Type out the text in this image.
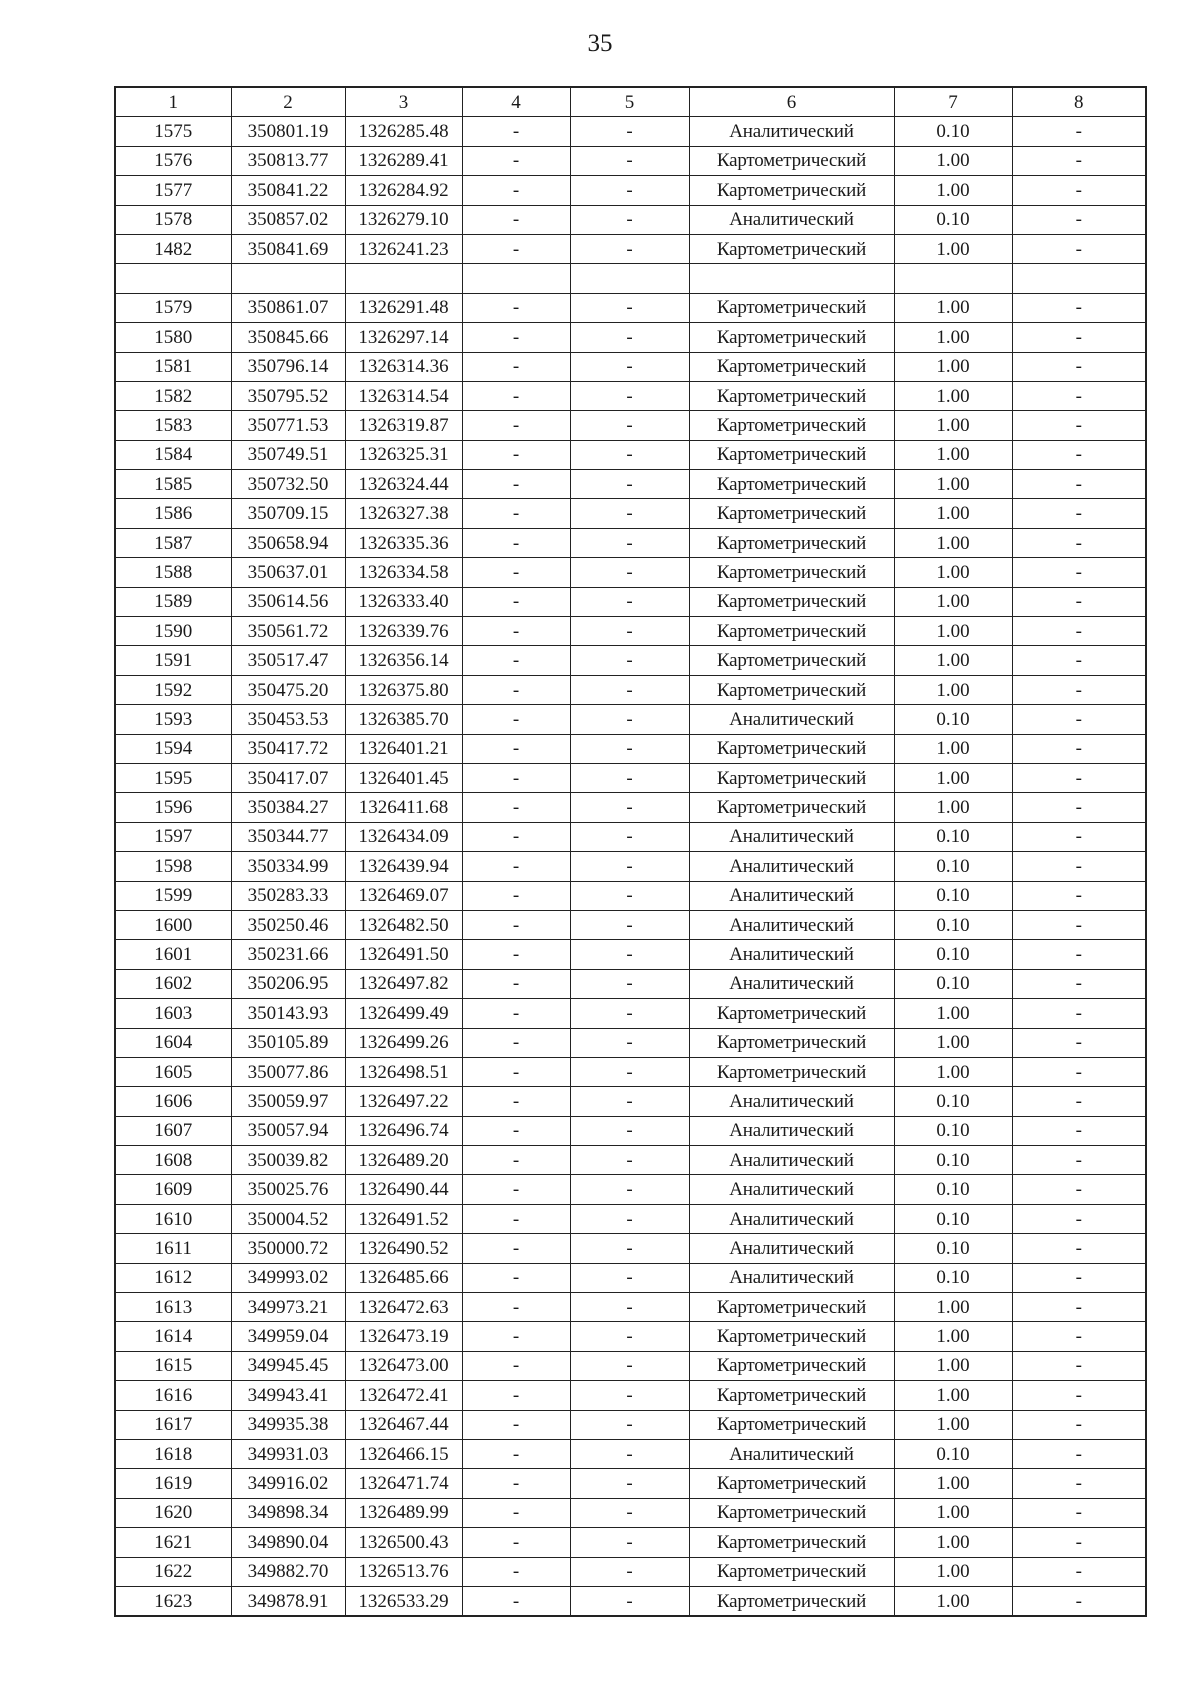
35
1	2	3	4	5	6	7	8
1575	350801.19	1326285.48	-	-	Аналитический	0.10	-
1576	350813.77	1326289.41	-	-	Картометрический	1.00	-
1577	350841.22	1326284.92	-	-	Картометрический	1.00	-
1578	350857.02	1326279.10	-	-	Аналитический	0.10	-
1482	350841.69	1326241.23	-	-	Картометрический	1.00	-

1579	350861.07	1326291.48	-	-	Картометрический	1.00	-
1580	350845.66	1326297.14	-	-	Картометрический	1.00	-
1581	350796.14	1326314.36	-	-	Картометрический	1.00	-
1582	350795.52	1326314.54	-	-	Картометрический	1.00	-
1583	350771.53	1326319.87	-	-	Картометрический	1.00	-
1584	350749.51	1326325.31	-	-	Картометрический	1.00	-
1585	350732.50	1326324.44	-	-	Картометрический	1.00	-
1586	350709.15	1326327.38	-	-	Картометрический	1.00	-
1587	350658.94	1326335.36	-	-	Картометрический	1.00	-
1588	350637.01	1326334.58	-	-	Картометрический	1.00	-
1589	350614.56	1326333.40	-	-	Картометрический	1.00	-
1590	350561.72	1326339.76	-	-	Картометрический	1.00	-
1591	350517.47	1326356.14	-	-	Картометрический	1.00	-
1592	350475.20	1326375.80	-	-	Картометрический	1.00	-
1593	350453.53	1326385.70	-	-	Аналитический	0.10	-
1594	350417.72	1326401.21	-	-	Картометрический	1.00	-
1595	350417.07	1326401.45	-	-	Картометрический	1.00	-
1596	350384.27	1326411.68	-	-	Картометрический	1.00	-
1597	350344.77	1326434.09	-	-	Аналитический	0.10	-
1598	350334.99	1326439.94	-	-	Аналитический	0.10	-
1599	350283.33	1326469.07	-	-	Аналитический	0.10	-
1600	350250.46	1326482.50	-	-	Аналитический	0.10	-
1601	350231.66	1326491.50	-	-	Аналитический	0.10	-
1602	350206.95	1326497.82	-	-	Аналитический	0.10	-
1603	350143.93	1326499.49	-	-	Картометрический	1.00	-
1604	350105.89	1326499.26	-	-	Картометрический	1.00	-
1605	350077.86	1326498.51	-	-	Картометрический	1.00	-
1606	350059.97	1326497.22	-	-	Аналитический	0.10	-
1607	350057.94	1326496.74	-	-	Аналитический	0.10	-
1608	350039.82	1326489.20	-	-	Аналитический	0.10	-
1609	350025.76	1326490.44	-	-	Аналитический	0.10	-
1610	350004.52	1326491.52	-	-	Аналитический	0.10	-
1611	350000.72	1326490.52	-	-	Аналитический	0.10	-
1612	349993.02	1326485.66	-	-	Аналитический	0.10	-
1613	349973.21	1326472.63	-	-	Картометрический	1.00	-
1614	349959.04	1326473.19	-	-	Картометрический	1.00	-
1615	349945.45	1326473.00	-	-	Картометрический	1.00	-
1616	349943.41	1326472.41	-	-	Картометрический	1.00	-
1617	349935.38	1326467.44	-	-	Картометрический	1.00	-
1618	349931.03	1326466.15	-	-	Аналитический	0.10	-
1619	349916.02	1326471.74	-	-	Картометрический	1.00	-
1620	349898.34	1326489.99	-	-	Картометрический	1.00	-
1621	349890.04	1326500.43	-	-	Картометрический	1.00	-
1622	349882.70	1326513.76	-	-	Картометрический	1.00	-
1623	349878.91	1326533.29	-	-	Картометрический	1.00	-
